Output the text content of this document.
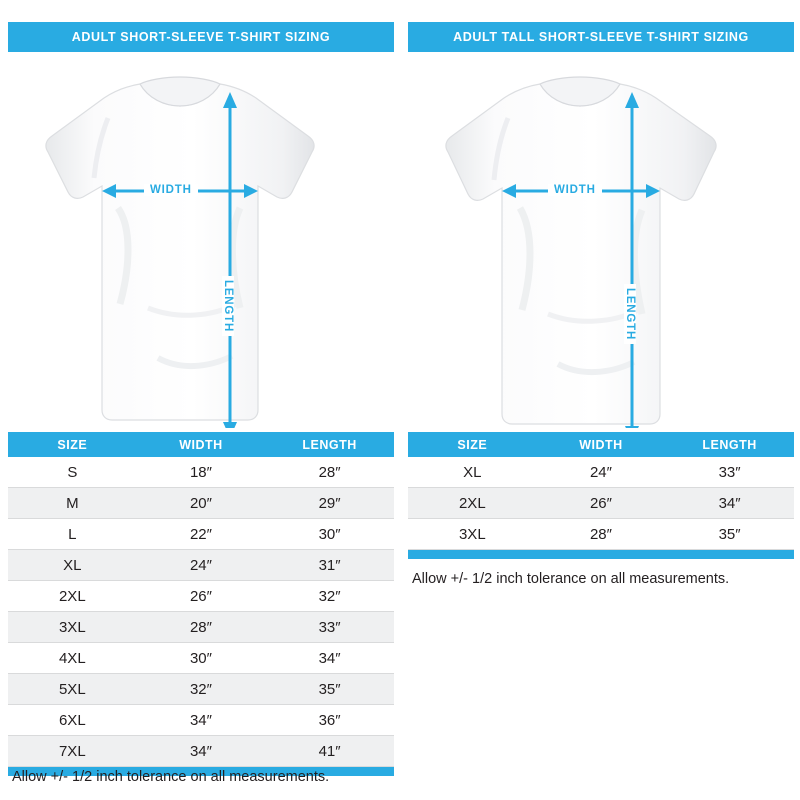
ADULT SHORT-SLEEVE T-SHIRT SIZING
WIDTH
LENGTH
ADULT TALL SHORT-SLEEVE T-SHIRT SIZING
WIDTH
LENGTH
SIZE	WIDTH	LENGTH
S	18″	28″
M	20″	29″
L	22″	30″
XL	24″	31″
2XL	26″	32″
3XL	28″	33″
4XL	30″	34″
5XL	32″	35″
6XL	34″	36″
7XL	34″	41″
SIZE	WIDTH	LENGTH
XL	24″	33″
2XL	26″	34″
3XL	28″	35″
Allow +/- 1/2 inch tolerance on all measurements.
Allow +/- 1/2 inch tolerance on all measurements.
